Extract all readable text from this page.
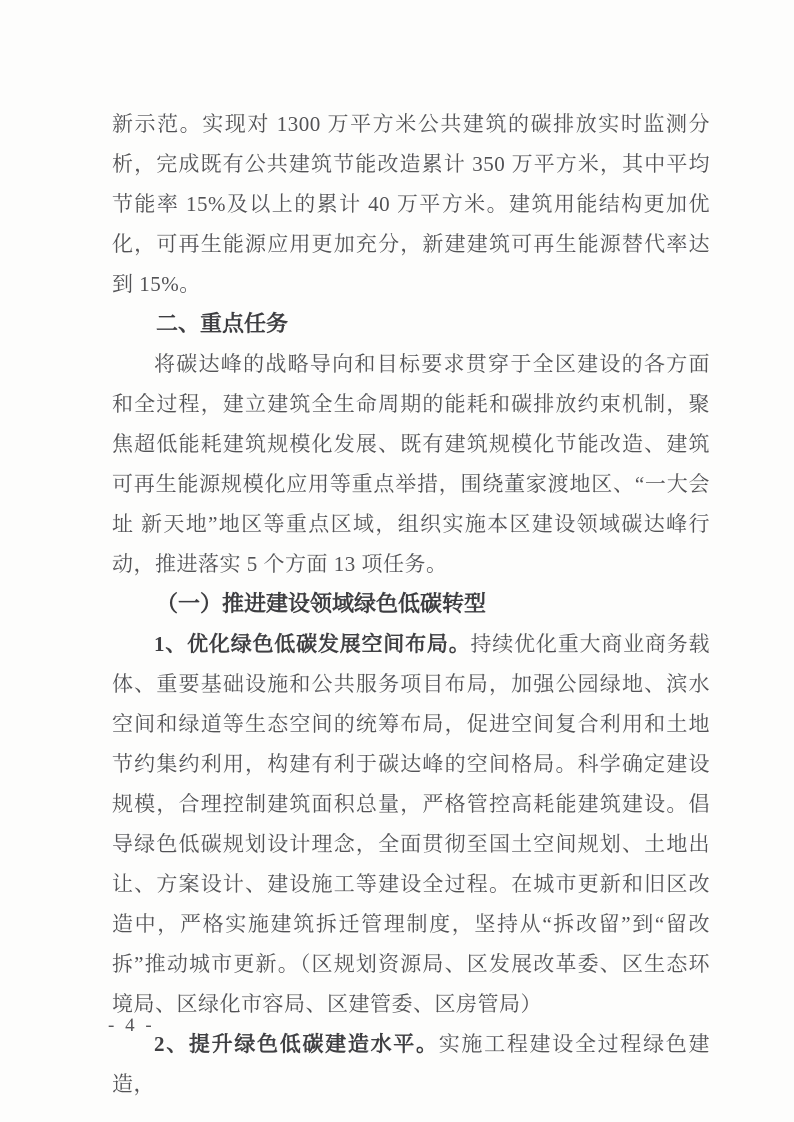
新示范。实现对 1300 万平方米公共建筑的碳排放实时监测分析，完成既有公共建筑节能改造累计 350 万平方米，其中平均节能率 15%及以上的累计 40 万平方米。建筑用能结构更加优化，可再生能源应用更加充分，新建建筑可再生能源替代率达到 15%。

二、重点任务

将碳达峰的战略导向和目标要求贯穿于全区建设的各方面和全过程，建立建筑全生命周期的能耗和碳排放约束机制，聚焦超低能耗建筑规模化发展、既有建筑规模化节能改造、建筑可再生能源规模化应用等重点举措，围绕董家渡地区、“一大会址 新天地”地区等重点区域，组织实施本区建设领域碳达峰行动，推进落实 5 个方面 13 项任务。

（一）推进建设领域绿色低碳转型

1、优化绿色低碳发展空间布局。持续优化重大商业商务载体、重要基础设施和公共服务项目布局，加强公园绿地、滨水空间和绿道等生态空间的统筹布局，促进空间复合利用和土地节约集约利用，构建有利于碳达峰的空间格局。科学确定建设规模，合理控制建筑面积总量，严格管控高耗能建筑建设。倡导绿色低碳规划设计理念，全面贯彻至国土空间规划、土地出让、方案设计、建设施工等建设全过程。在城市更新和旧区改造中，严格实施建筑拆迁管理制度，坚持从“拆改留”到“留改拆”推动城市更新。（区规划资源局、区发展改革委、区生态环境局、区绿化市容局、区建管委、区房管局）

2、提升绿色低碳建造水平。实施工程建设全过程绿色建造，

- 4 -
